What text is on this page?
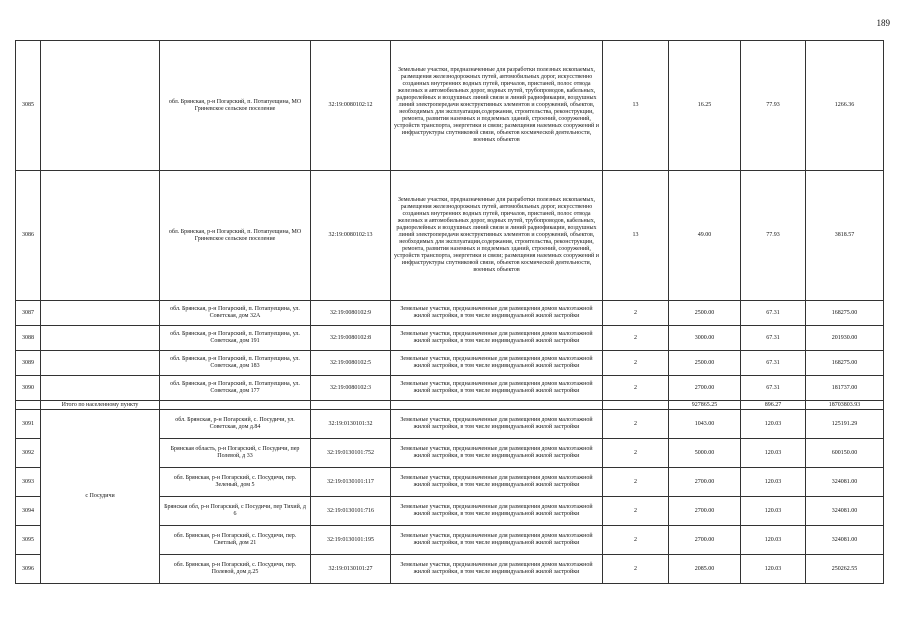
189
3085		обл. Брянская, р-н Погарский, п. Потапуещина, МО Гриневское сельское поселение	32:19:0080102:12	Земельные участки, предназначенные для разработки полезных ископаемых, размещения железнодорожных путей, автомобильных дорог, искусственно созданных внутренних водных путей, причалов, пристаней, полос отвода железных и автомобильных дорог, водных путей, трубопроводов, кабельных, радиорелейных и воздушных линий связи и линий радиофикации, воздушных линий электропередачи конструктивных элементов и сооружений, объектов, необходимых для эксплуатации,содержания, строительства, реконструкции, ремонта, развития наземных и подземных зданий, строений, сооружений, устройств транспорта, энергетики и связи; размещения наземных сооружений и инфраструктуры спутниковой связи, объектов космической деятельности, военных объектов	13	16.25	77.93	1266.36
3086		обл. Брянская, р-н Погарский, п. Потапуещина, МО Гриневское сельское поселение	32:19:0080102:13	Земельные участки, предназначенные для разработки полезных ископаемых, размещения железнодорожных путей, автомобильных дорог, искусственно созданных внутренних водных путей, причалов, пристаней, полос отвода железных и автомобильных дорог, водных путей, трубопроводов, кабельных, радиорелейных и воздушных линий связи и линий радиофикации, воздушных линий электропередачи конструктивных элементов и сооружений, объектов, необходимых для эксплуатации,содержания, строительства, реконструкции, ремонта, развития наземных и подземных зданий, строений, сооружений, устройств транспорта, энергетики и связи; размещения наземных сооружений и инфраструктуры спутниковой связи, объектов космической деятельности, военных объектов	13	49.00	77.93	3818.57
3087		обл. Брянская, р-н Погарский, п. Потапуещина, ул. Советская, дом 32А	32:19:0080102:9	Земельные участки, предназначенные для размещения домов малоэтажной жилой застройки, в том числе индивидуальной жилой застройки	2	2500.00	67.31	168275.00
3088		обл. Брянская, р-н Погарский, п. Потапуещина, ул. Советская, дом 191	32:19:0080102:8	Земельные участки, предназначенные для размещения домов малоэтажной жилой застройки, в том числе индивидуальной жилой застройки	2	3000.00	67.31	201930.00
3089		обл. Брянская, р-н Погарский, п. Потапуещина, ул. Советская, дом 183	32:19:0080102:5	Земельные участки, предназначенные для размещения домов малоэтажной жилой застройки, в том числе индивидуальной жилой застройки	2	2500.00	67.31	168275.00
3090		обл. Брянская, р-н Погарский, п. Потапуещина, ул. Советская, дом 177	32:19:0080102:3	Земельные участки, предназначенные для размещения домов малоэтажной жилой застройки, в том числе индивидуальной жилой застройки	2	2700.00	67.31	181737.00
	Итого по населенному пункту					927865.25	896.27	18703803.93
3091	с Посудичи	обл. Брянская, р-н Погарский, с. Посудичи, ул. Советская, дом д.84	32:19:0130101:32	Земельные участки, предназначенные для размещения домов малоэтажной жилой застройки, в том числе индивидуальной жилой застройки	2	1043.00	120.03	125191.29
3092		Брянская область, р-н Погарский, с Посудичи, пер Полевой, д 33	32:19:0130101:752	Земельные участки, предназначенные для размещения домов малоэтажной жилой застройки, в том числе индивидуальной жилой застройки	2	5000.00	120.03	600150.00
3093		обл. Брянская, р-н Погарский, с. Посудичи, пер. Зеленый, дом 5	32:19:0130101:117	Земельные участки, предназначенные для размещения домов малоэтажной жилой застройки, в том числе индивидуальной жилой застройки	2	2700.00	120.03	324081.00
3094		Брянская обл, р-н Погарский, с Посудичи, пер Тихий, д 6	32:19:0130101:716	Земельные участки, предназначенные для размещения домов малоэтажной жилой застройки, в том числе индивидуальной жилой застройки	2	2700.00	120.03	324081.00
3095		обл. Брянская, р-н Погарский, с. Посудичи, пер. Светлый, дом 21	32:19:0130101:195	Земельные участки, предназначенные для размещения домов малоэтажной жилой застройки, в том числе индивидуальной жилой застройки	2	2700.00	120.03	324081.00
3096		обл. Брянская, р-н Погарский, с. Посудичи, пер. Полевой, дом д.25	32:19:0130101:27	Земельные участки, предназначенные для размещения домов малоэтажной жилой застройки, в том числе индивидуальной жилой застройки	2	2085.00	120.03	250262.55
